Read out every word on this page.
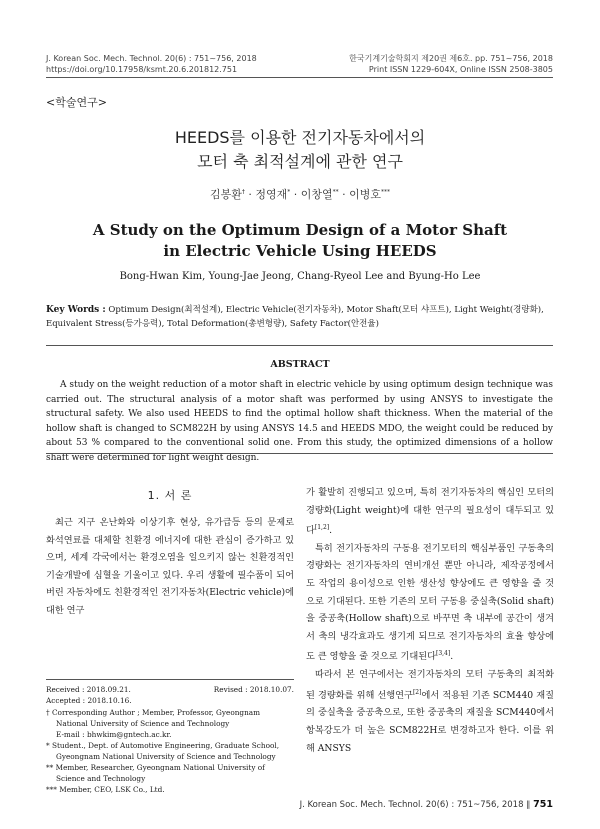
J. Korean Soc. Mech. Technol. 20(6) : 751~756, 2018
https://doi.org/10.17958/ksmt.20.6.201812.751
한국기계기술학회지 제20권 제6호. pp. 751~756, 2018
Print ISSN 1229-604X, Online ISSN 2508-3805
<학술연구>
HEEDS를 이용한 전기자동차에서의
모터 축 최적설계에 관한 연구
김봉환† · 정영재* · 이창열** · 이병호***
A Study on the Optimum Design of a Motor Shaft
in Electric Vehicle Using HEEDS
Bong-Hwan Kim, Young-Jae Jeong, Chang-Ryeol Lee and Byung-Ho Lee
Key Words : Optimum Design(최적설계), Electric Vehicle(전기자동차), Motor Shaft(모터 샤프트), Light Weight(경량화), Equivalent Stress(등가응력), Total Deformation(총변형량), Safety Factor(안전율)
ABSTRACT
A study on the weight reduction of a motor shaft in electric vehicle by using optimum design technique was carried out. The structural analysis of a motor shaft was performed by using ANSYS to investigate the structural safety. We also used HEEDS to find the optimal hollow shaft thickness. When the material of the hollow shaft is changed to SCM822H by using ANSYS 14.5 and HEEDS MDO, the weight could be reduced by about 53 % compared to the conventional solid one. From this study, the optimized dimensions of a hollow shaft were determined for light weight design.
1. 서 론
최근 지구 온난화와 이상기후 현상, 유가급등 등의 문제로 화석연료를 대체할 친환경 에너지에 대한 관심이 증가하고 있으며, 세계 각국에서는 환경오염을 일으키지 않는 친환경적인 기술개발에 심혈을 기울이고 있다. 우리 생활에 필수품이 되어버린 자동차에도 친환경적인 전기자동차(Electric vehicle)에 대한 연구

가 활발히 진행되고 있으며, 특히 전기자동차의 핵심인 모터의 경량화(Light weight)에 대한 연구의 필요성이 대두되고 있다[1,2].

특히 전기자동차의 구동용 전기모터의 핵심부품인 구동축의 경량화는 전기자동차의 연비개선 뿐만 아니라, 제작공정에서도 작업의 용이성으로 인한 생산성 향상에도 큰 영향을 줄 것으로 기대된다. 또한 기존의 모터 구동용 중실축(Solid shaft)을 중공축(Hollow shaft)으로 바꾸면 축 내부에 공간이 생겨서 축의 냉각효과도 생기게 되므로 전기자동차의 효율 향상에도 큰 영향을 줄 것으로 기대된다[3,4].

따라서 본 연구에서는 전기자동차의 모터 구동축의 최적화된 경량화를 위해 선행연구[2]에서 적용된 기존 SCM440 재질의 중실축을 중공축으로, 또한 중공축의 재질을 SCM440에서 항복강도가 더 높은 SCM822H로 변경하고자 한다. 이를 위해 ANSYS

Received : 2018.09.21.	Revised : 2018.10.07.
Accepted : 2018.10.16.
† Corresponding Author ; Member, Professor, Gyeongnam National University of Science and Technology
E-mail : bhwkim@gntech.ac.kr.
* Student., Dept. of Automotive Engineering, Graduate School, Gyeongnam National University of Science and Technology
** Member, Researcher, Gyeongnam National University of Science and Technology
*** Member, CEO, LSK Co., Ltd.
J. Korean Soc. Mech. Technol. 20(6) : 751~756, 2018 ∥ 751
